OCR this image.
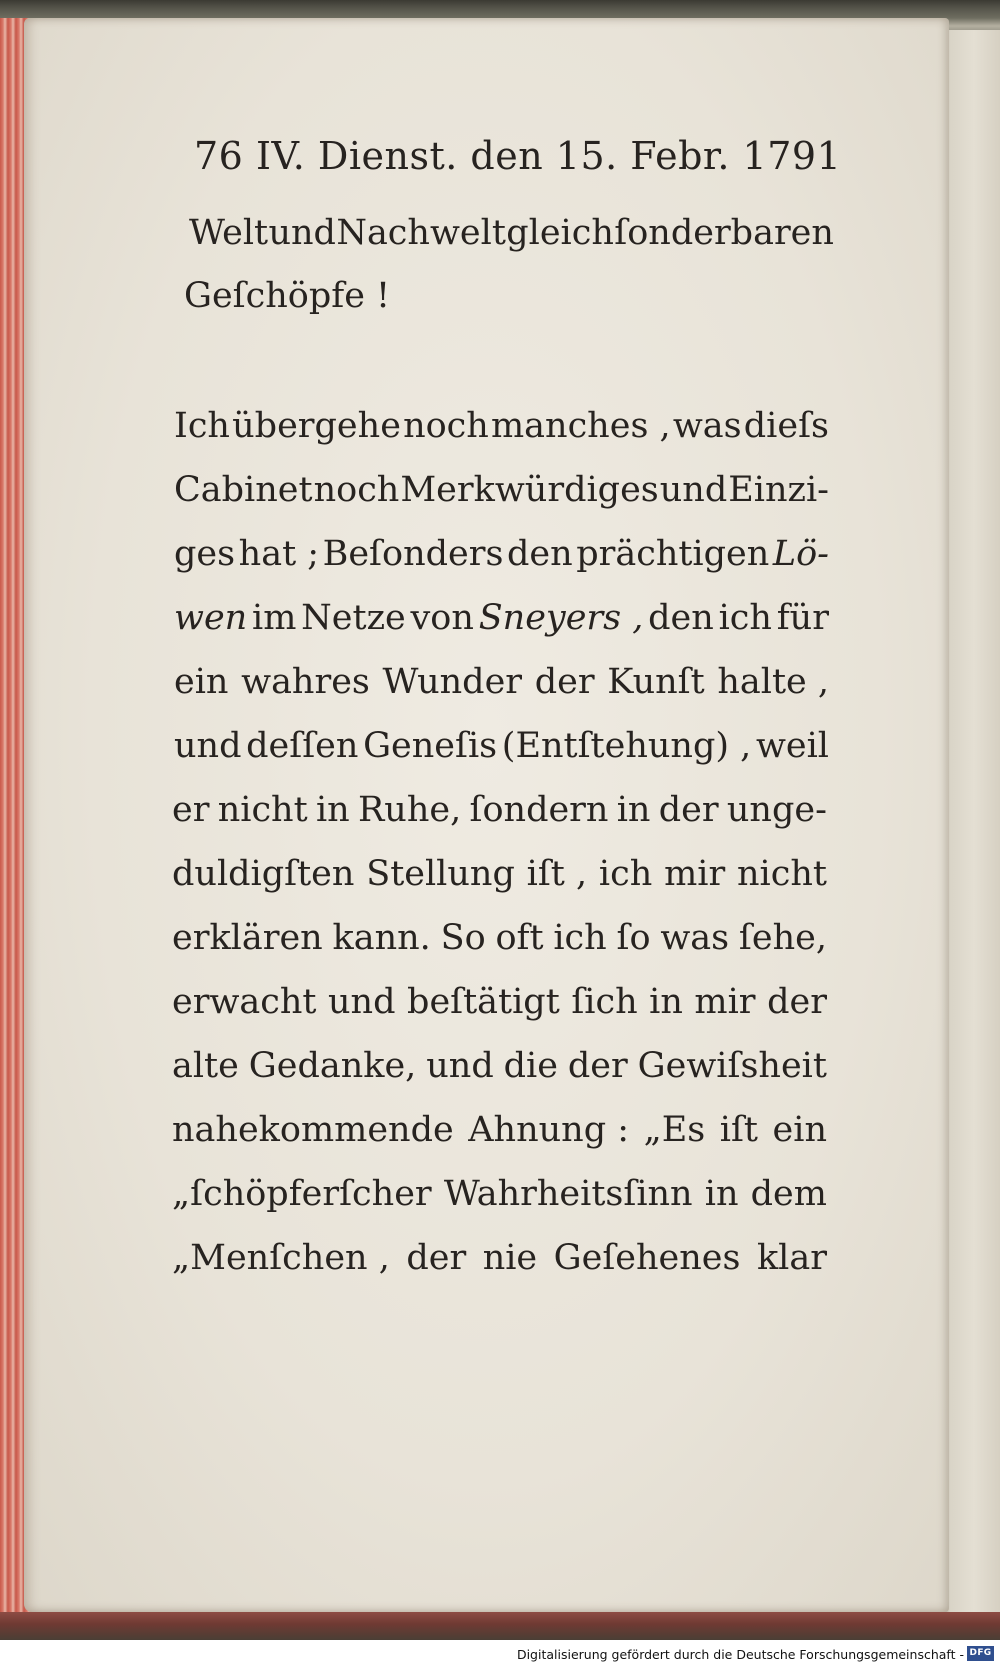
76 IV. Dienst. den 15. Febr. 1791
Welt und Nachwelt gleich ſonderbaren
Geſchöpfe !
Ich übergehe noch manches , was dieſs
Cabinet noch Merkwürdiges und Einzi-
ges hat ; Beſonders den prächtigen Lö-
wen im Netze von Sneyers , den ich für
ein wahres Wunder der Kunſt halte ,
und deſſen Geneſis (Entſtehung) , weil
er nicht in Ruhe, ſondern in der unge-
duldigſten Stellung iſt , ich mir nicht
erklären kann. So oft ich ſo was ſehe,
erwacht und beſtätigt ſich in mir der
alte Gedanke, und die der Gewiſsheit
nahekommende Ahnung : „Es iſt ein
„ſchöpferſcher Wahrheitsſinn in dem
„Menſchen , der nie Geſehenes klar
Digitalisierung gefördert durch die Deutsche Forschungsgemeinschaft - DFG
